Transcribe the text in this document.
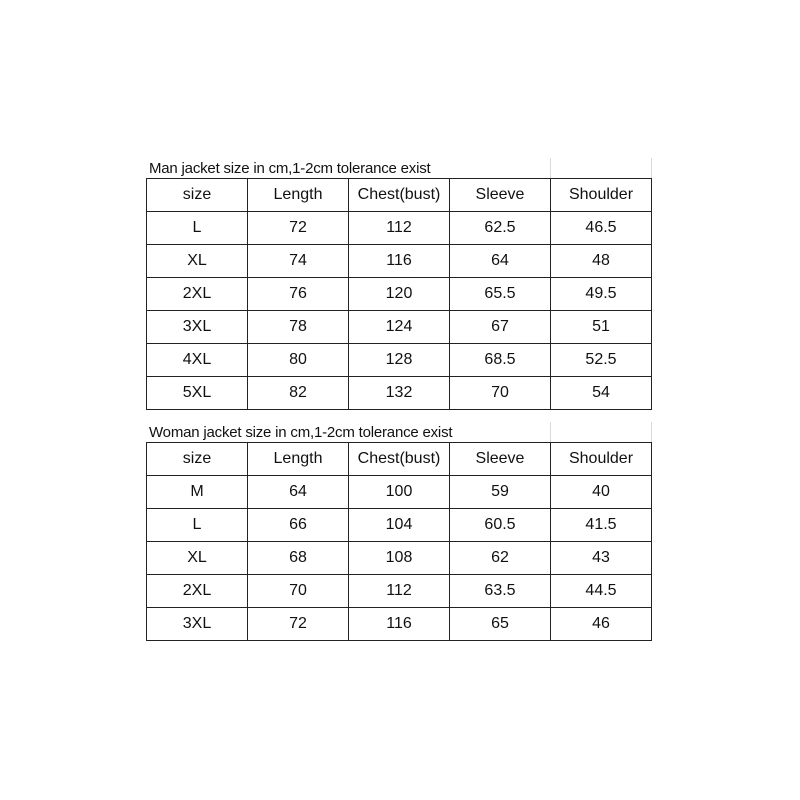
Man jacket size in cm,1-2cm tolerance exist
size	Length	Chest(bust)	Sleeve	Shoulder
L	72	112	62.5	46.5
XL	74	116	64	48
2XL	76	120	65.5	49.5
3XL	78	124	67	51
4XL	80	128	68.5	52.5
5XL	82	132	70	54
Woman jacket size in cm,1-2cm tolerance exist
size	Length	Chest(bust)	Sleeve	Shoulder
M	64	100	59	40
L	66	104	60.5	41.5
XL	68	108	62	43
2XL	70	112	63.5	44.5
3XL	72	116	65	46
